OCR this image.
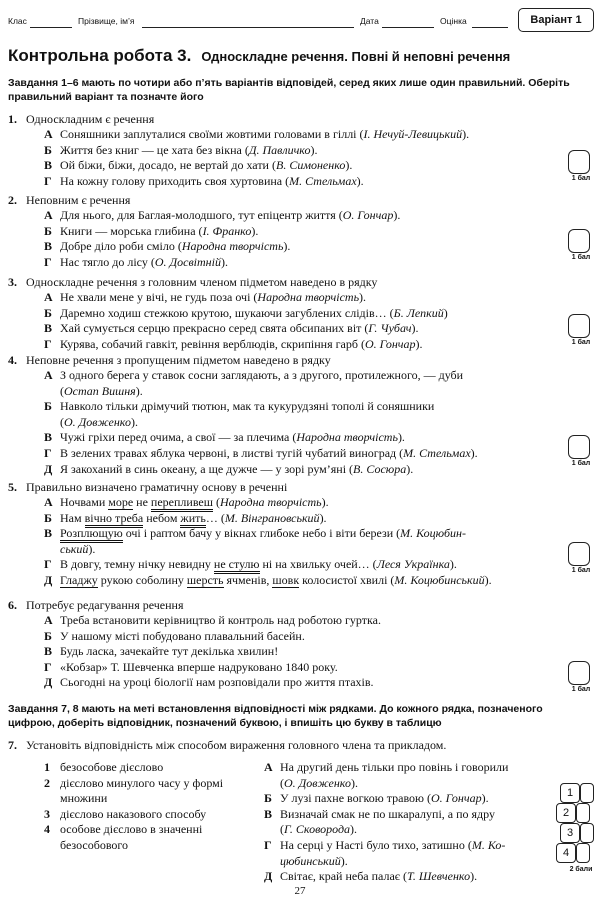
Клас	Прізвище, ім’я	Дата	Оцінка	Варіант 1
Контрольна робота 3. Односкладне речення. Повні й неповні речення
Завдання 1–6 мають по чотири або п’ять варіантів відповідей, серед яких лише один правильний. Оберіть правильний варіант та позначте його
1. Односкладним є речення
А Соняшники заплуталися своїми жовтими головами в гіллі (І. Нечуй-Левицький).
Б Життя без книг — це хата без вікна (Д. Павличко).
В Ой біжи, біжи, досадо, не вертай до хати (В. Симоненко).
Г На кожну голову приходить своя хуртовина (М. Стельмах).	1 бал
2. Неповним є речення
А Для нього, для Баглая-молодшого, тут епіцентр життя (О. Гончар).
Б Книги — морська глибина (І. Франко).
В Добре діло роби сміло (Народна творчість).
Г Нас тягло до лісу (О. Досвітній).	1 бал
3. Односкладне речення з головним членом підметом наведено в рядку
А Не хвали мене у вічі, не гудь поза очі (Народна творчість).
Б Даремно ходиш стежкою крутою, шукаючи загублених слідів… (Б. Лепкий)
В Хай сумується серцю прекрасно серед свята обсипаних віт (Г. Чубач).
Г Курява, собачий гавкіт, ревіння верблюдів, скрипіння гарб (О. Гончар).	1 бал
4. Неповне речення з пропущеним підметом наведено в рядку
А З одного берега у ставок сосни заглядають, а з другого, протилежного, — дуби
(Остап Вишня).
Б Навколо тільки дрімучий тютюн, мак та кукурудзяні тополі й соняшники
(О. Довженко).
В Чужі гріхи перед очима, а свої — за плечима (Народна творчість).
Г В зелених травах яблука червоні, в листві тугій чубатий виноград (М. Стельмах).
Д Я закоханий в синь океану, а ще дужче — у зорі рум’яні (В. Сосюра).	1 бал
5. Правильно визначено граматичну основу в реченні
А Ночвами море не перепливеш (Народна творчість).
Б Нам вічно треба небом жить… (М. Вінграновський).
В Розплющую очі і раптом бачу у вікнах глибоке небо і віти берези (М. Коцюбин-
ський).
Г В довгу, темну нічку невидну не стулю ні на хвильку очей… (Леся Українка).
Д Гладжу рукою соболину шерсть ячменів, шовк колосистої хвилі (М. Коцюбинський).
1 бал
6. Потребує редагування речення
А Треба встановити керівництво й контроль над роботою гуртка.
Б У нашому місті побудовано плавальний басейн.
В Будь ласка, зачекайте тут декілька хвилин!
Г «Кобзар» Т. Шевченка вперше надруковано 1840 року.
Д Сьогодні на уроці біології нам розповідали про життя птахів.
1 бал
Завдання 7, 8 мають на меті встановлення відповідності між рядками. До кожного рядка, позначеного цифрою, доберіть відповідник, позначений буквою, і впишіть цю букву в таблицю
7. Установіть відповідність між способом вираження головного члена та прикладом.
1 безособове дієслово
2 дієслово минулого часу у формі множини
3 дієслово наказового способу
4 особове дієслово в значенні безособового
А На другий день тільки про повінь і говорили
(О. Довженко).
Б У лузі пахне вогкою травою (О. Гончар).
В Визначай смак не по шкаралупі, а по ядру
(Г. Сковорода).
Г На серці у Насті було тихо, затишно (М. Ко-
цюбинський).
Д Світає, край неба палає (Т. Шевченко).
1
2
3
4
2 бали
27
